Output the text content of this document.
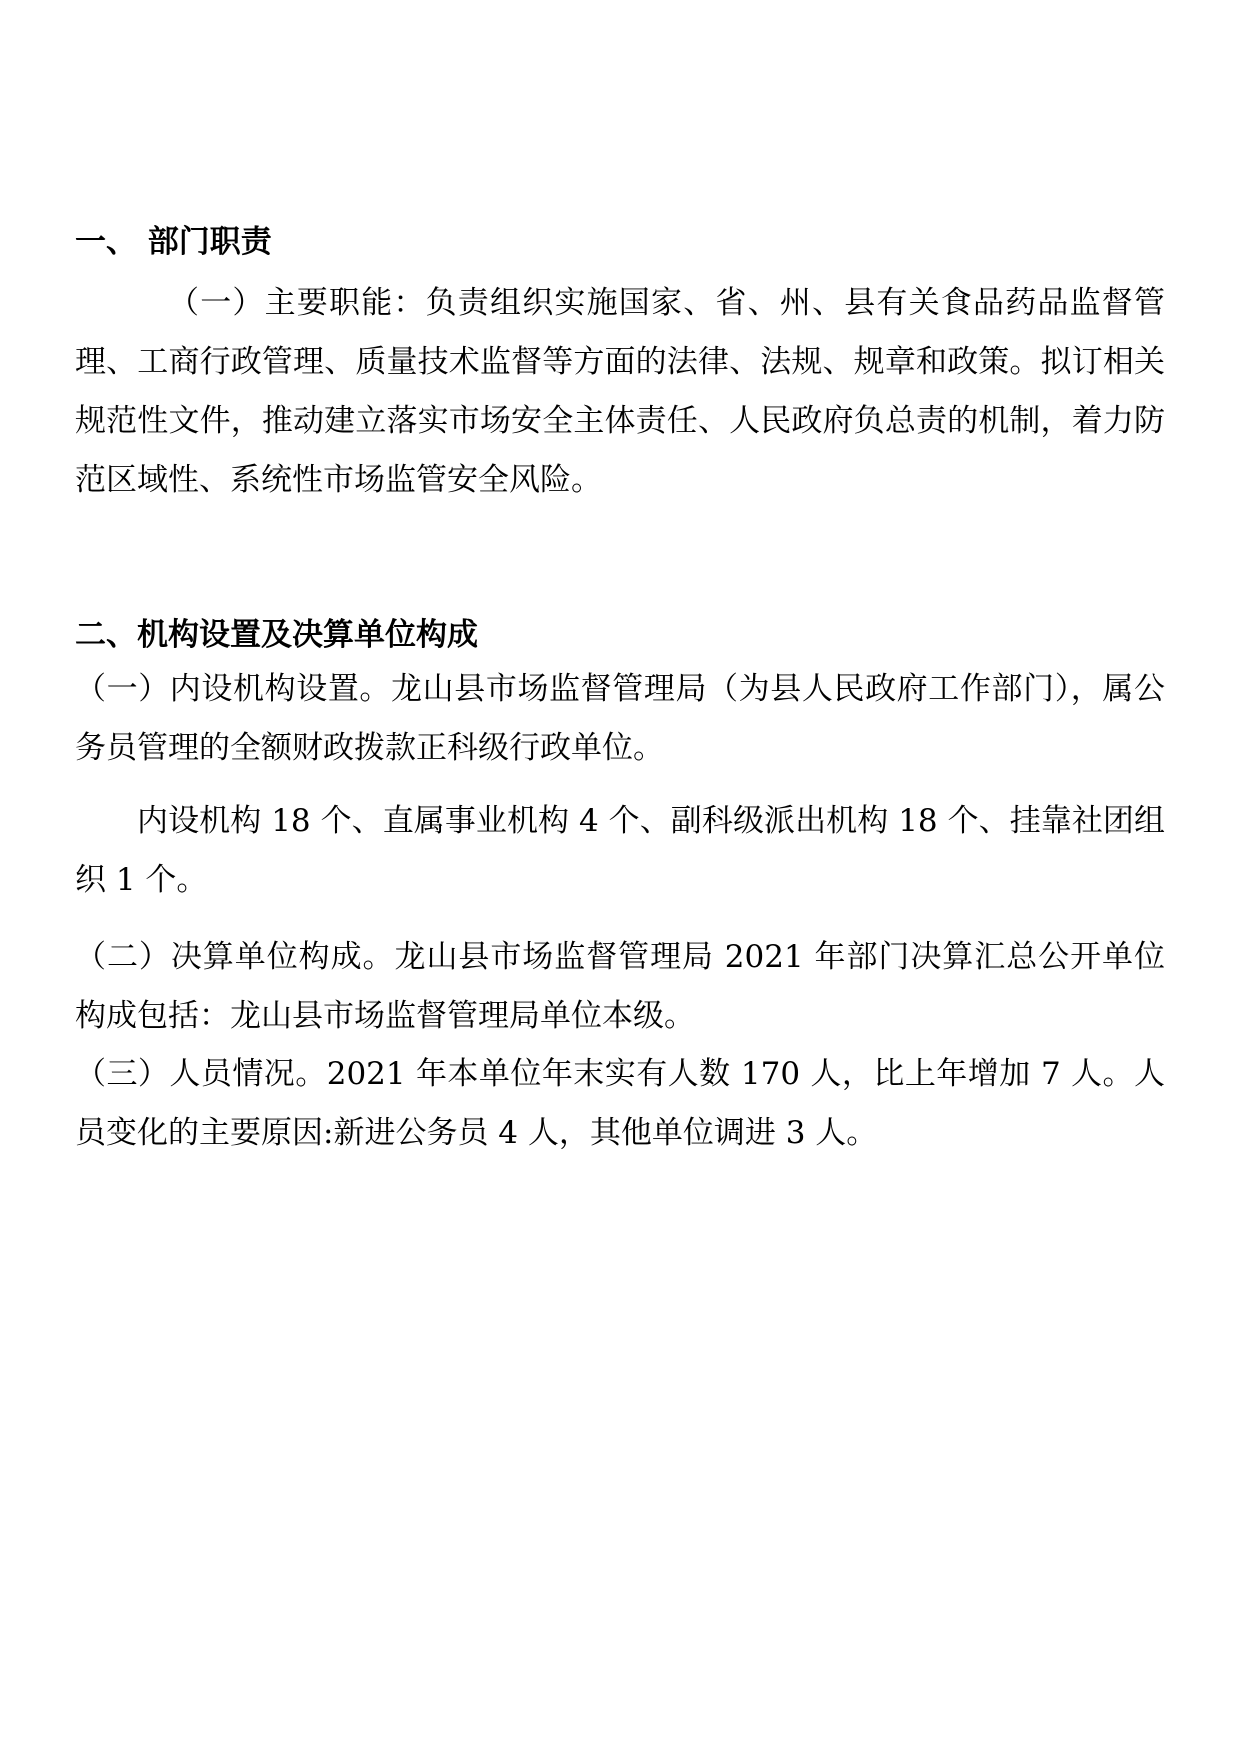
一、 部门职责
（一）主要职能：负责组织实施国家、省、州、县有关食品药品监督管理、工商行政管理、质量技术监督等方面的法律、法规、规章和政策。拟订相关规范性文件，推动建立落实市场安全主体责任、人民政府负总责的机制，着力防范区域性、系统性市场监管安全风险。
二、机构设置及决算单位构成
（一）内设机构设置。龙山县市场监督管理局（为县人民政府工作部门），属公务员管理的全额财政拨款正科级行政单位。
内设机构 18 个、直属事业机构 4 个、副科级派出机构 18 个、挂靠社团组织 1 个。
（二）决算单位构成。龙山县市场监督管理局 2021 年部门决算汇总公开单位构成包括：龙山县市场监督管理局单位本级。
（三）人员情况。2021 年本单位年末实有人数 170 人，比上年增加 7 人。人员变化的主要原因:新进公务员 4 人，其他单位调进 3 人。
